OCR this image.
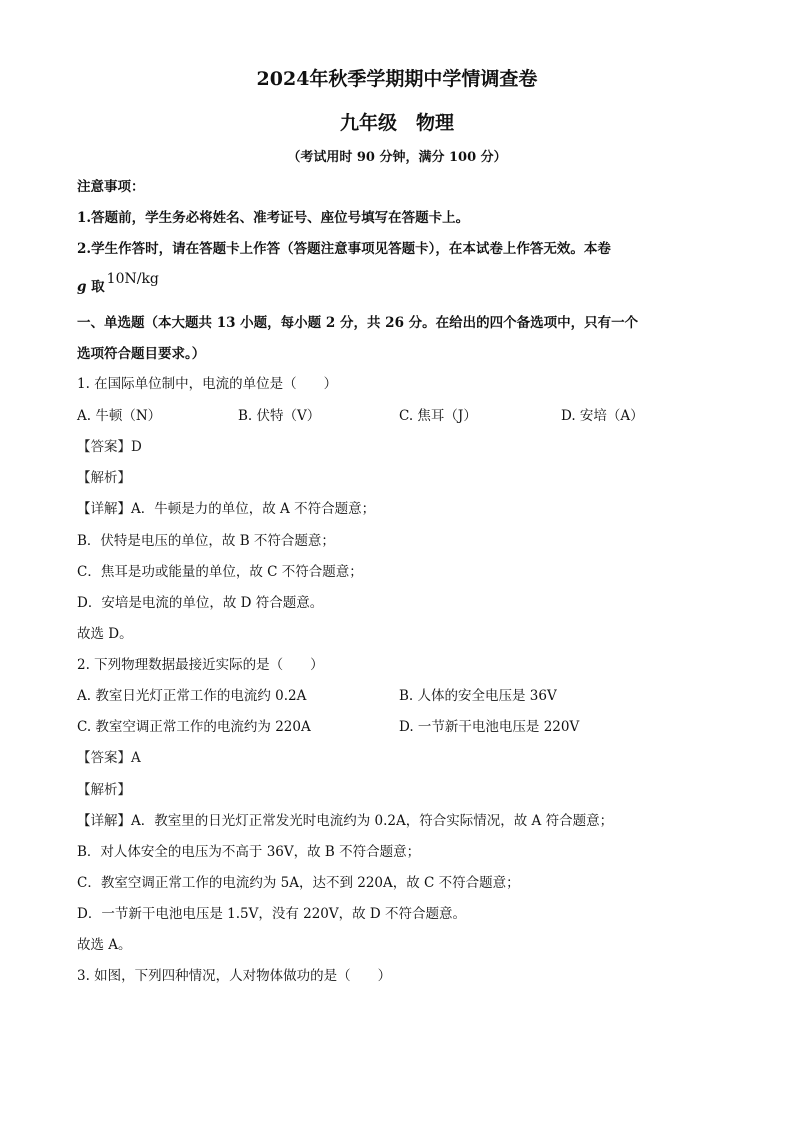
2024年秋季学期期中学情调查卷
九年级　物理
（考试用时 90 分钟，满分 100 分）
注意事项：
1.答题前，学生务必将姓名、准考证号、座位号填写在答题卡上。
2.学生作答时，请在答题卡上作答（答题注意事项见答题卡），在本试卷上作答无效。本卷
g 取 10N/kg
一、单选题（本大题共 13 小题，每小题 2 分，共 26 分。在给出的四个备选项中，只有一个
选项符合题目要求。）
1. 在国际单位制中，电流的单位是（　　）
A. 牛顿（N）	B. 伏特（V）	C. 焦耳（J）	D. 安培（A）
【答案】D
【解析】
【详解】A．牛顿是力的单位，故 A 不符合题意；
B．伏特是电压的单位，故 B 不符合题意；
C．焦耳是功或能量的单位，故 C 不符合题意；
D．安培是电流的单位，故 D 符合题意。
故选 D。
2. 下列物理数据最接近实际的是（　　）
A. 教室日光灯正常工作的电流约 0.2A	B. 人体的安全电压是 36V
C. 教室空调正常工作的电流约为 220A	D. 一节新干电池电压是 220V
【答案】A
【解析】
【详解】A．教室里的日光灯正常发光时电流约为 0.2A，符合实际情况，故 A 符合题意；
B．对人体安全的电压为不高于 36V，故 B 不符合题意；
C．教室空调正常工作的电流约为 5A，达不到 220A，故 C 不符合题意；
D．一节新干电池电压是 1.5V，没有 220V，故 D 不符合题意。
故选 A。
3. 如图，下列四种情况，人对物体做功的是（　　）
